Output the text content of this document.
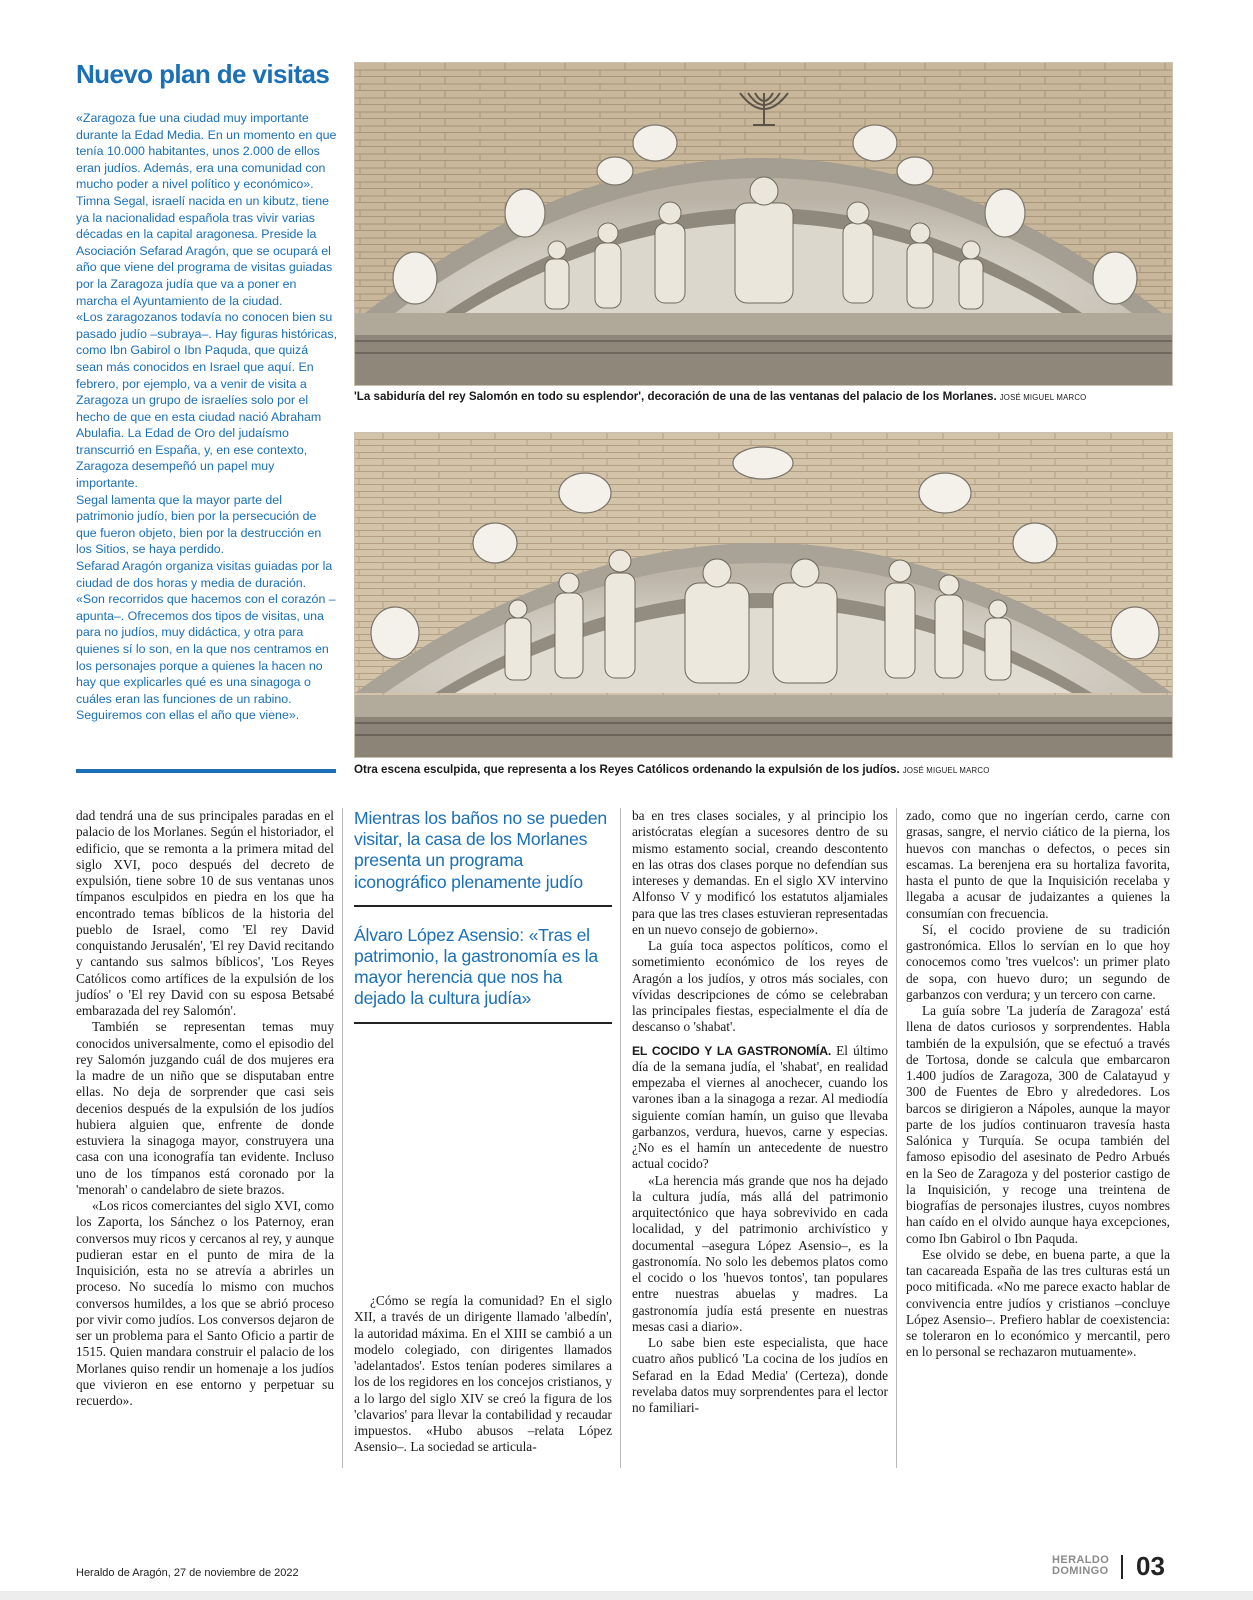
Nuevo plan de visitas

«Zaragoza fue una ciudad muy importante durante la Edad Media. En un momento en que tenía 10.000 habitantes, unos 2.000 de ellos eran judíos. Además, era una comunidad con mucho poder a nivel político y económico». Timna Segal, israelí nacida en un kibutz, tiene ya la nacionalidad española tras vivir varias décadas en la capital aragonesa. Preside la Asociación Sefarad Aragón, que se ocupará el año que viene del programa de visitas guiadas por la Zaragoza judía que va a poner en marcha el Ayuntamiento de la ciudad.

«Los zaragozanos todavía no conocen bien su pasado judío –subraya–. Hay figuras históricas, como Ibn Gabirol o Ibn Paquda, que quizá sean más conocidos en Israel que aquí. En febrero, por ejemplo, va a venir de visita a Zaragoza un grupo de israelíes solo por el hecho de que en esta ciudad nació Abraham Abulafia. La Edad de Oro del judaísmo transcurrió en España, y, en ese contexto, Zaragoza desempeñó un papel muy importante.

Segal lamenta que la mayor parte del patrimonio judío, bien por la persecución de que fueron objeto, bien por la destrucción en los Sitios, se haya perdido.

Sefarad Aragón organiza visitas guiadas por la ciudad de dos horas y media de duración. «Son recorridos que hacemos con el corazón –apunta–. Ofrecemos dos tipos de visitas, una para no judíos, muy didáctica, y otra para quienes sí lo son, en la que nos centramos en los personajes porque a quienes la hacen no hay que explicarles qué es una sinagoga o cuáles eran las funciones de un rabino. Seguiremos con ellas el año que viene».

'La sabiduría del rey Salomón en todo su esplendor', decoración de una de las ventanas del palacio de los Morlanes. JOSÉ MIGUEL MARCO
Otra escena esculpida, que representa a los Reyes Católicos ordenando la expulsión de los judíos. JOSÉ MIGUEL MARCO

dad tendrá una de sus principales paradas en el palacio de los Morlanes. Según el historiador, el edificio, que se remonta a la primera mitad del siglo XVI, poco después del decreto de expulsión, tiene sobre 10 de sus ventanas unos tímpanos esculpidos en piedra en los que ha encontrado temas bíblicos de la historia del pueblo de Israel, como 'El rey David conquistando Jerusalén', 'El rey David recitando y cantando sus salmos bíblicos', 'Los Reyes Católicos como artífices de la expulsión de los judíos' o 'El rey David con su esposa Betsabé embarazada del rey Salomón'.

También se representan temas muy conocidos universalmente, como el episodio del rey Salomón juzgando cuál de dos mujeres era la madre de un niño que se disputaban entre ellas. No deja de sorprender que casi seis decenios después de la expulsión de los judíos hubiera alguien que, enfrente de donde estuviera la sinagoga mayor, construyera una casa con una iconografía tan evidente. Incluso uno de los tímpanos está coronado por la 'menorah' o candelabro de siete brazos.

«Los ricos comerciantes del siglo XVI, como los Zaporta, los Sánchez o los Paternoy, eran conversos muy ricos y cercanos al rey, y aunque pudieran estar en el punto de mira de la Inquisición, esta no se atrevía a abrirles un proceso. No sucedía lo mismo con muchos conversos humildes, a los que se abrió proceso por vivir como judíos. Los conversos dejaron de ser un problema para el Santo Oficio a partir de 1515. Quien mandara construir el palacio de los Morlanes quiso rendir un homenaje a los judíos que vivieron en ese entorno y perpetuar su recuerdo».

Mientras los baños no se pueden visitar, la casa de los Morlanes presenta un programa iconográfico plenamente judío
Álvaro López Asensio: «Tras el patrimonio, la gastronomía es la mayor herencia que nos ha dejado la cultura judía»

¿Cómo se regía la comunidad? En el siglo XII, a través de un dirigente llamado 'albedín', la autoridad máxima. En el XIII se cambió a un modelo colegiado, con dirigentes llamados 'adelantados'. Estos tenían poderes similares a los de los regidores en los concejos cristianos, y a lo largo del siglo XIV se creó la figura de los 'clavarios' para llevar la contabilidad y recaudar impuestos. «Hubo abusos –relata López Asensio–. La sociedad se articula-

ba en tres clases sociales, y al principio los aristócratas elegían a sucesores dentro de su mismo estamento social, creando descontento en las otras dos clases porque no defendían sus intereses y demandas. En el siglo XV intervino Alfonso V y modificó los estatutos aljamiales para que las tres clases estuvieran representadas en un nuevo consejo de gobierno».

La guía toca aspectos políticos, como el sometimiento económico de los reyes de Aragón a los judíos, y otros más sociales, con vívidas descripciones de cómo se celebraban las principales fiestas, especialmente el día de descanso o 'shabat'.

EL COCIDO Y LA GASTRONOMÍA. El último día de la semana judía, el 'shabat', en realidad empezaba el viernes al anochecer, cuando los varones iban a la sinagoga a rezar. Al mediodía siguiente comían hamín, un guiso que llevaba garbanzos, verdura, huevos, carne y especias. ¿No es el hamín un antecedente de nuestro actual cocido?

«La herencia más grande que nos ha dejado la cultura judía, más allá del patrimonio arquitectónico que haya sobrevivido en cada localidad, y del patrimonio archivístico y documental –asegura López Asensio–, es la gastronomía. No solo les debemos platos como el cocido o los 'huevos tontos', tan populares entre nuestras abuelas y madres. La gastronomía judía está presente en nuestras mesas casi a diario».

Lo sabe bien este especialista, que hace cuatro años publicó 'La cocina de los judíos en Sefarad en la Edad Media' (Certeza), donde revelaba datos muy sorprendentes para el lector no familiari-

zado, como que no ingerían cerdo, carne con grasas, sangre, el nervio ciático de la pierna, los huevos con manchas o defectos, o peces sin escamas. La berenjena era su hortaliza favorita, hasta el punto de que la Inquisición recelaba y llegaba a acusar de judaizantes a quienes la consumían con frecuencia.

Sí, el cocido proviene de su tradición gastronómica. Ellos lo servían en lo que hoy conocemos como 'tres vuelcos': un primer plato de sopa, con huevo duro; un segundo de garbanzos con verdura; y un tercero con carne.

La guía sobre 'La judería de Zaragoza' está llena de datos curiosos y sorprendentes. Habla también de la expulsión, que se efectuó a través de Tortosa, donde se calcula que embarcaron 1.400 judíos de Zaragoza, 300 de Calatayud y 300 de Fuentes de Ebro y alrededores. Los barcos se dirigieron a Nápoles, aunque la mayor parte de los judíos continuaron travesía hasta Salónica y Turquía. Se ocupa también del famoso episodio del asesinato de Pedro Arbués en la Seo de Zaragoza y del posterior castigo de la Inquisición, y recoge una treintena de biografías de personajes ilustres, cuyos nombres han caído en el olvido aunque haya excepciones, como Ibn Gabirol o Ibn Paquda.

Ese olvido se debe, en buena parte, a que la tan cacareada España de las tres culturas está un poco mitificada. «No me parece exacto hablar de convivencia entre judíos y cristianos –concluye López Asensio–. Prefiero hablar de coexistencia: se toleraron en lo económico y mercantil, pero en lo personal se rechazaron mutuamente».

Heraldo de Aragón, 27 de noviembre de 2022
HERALDO
DOMINGO 03
